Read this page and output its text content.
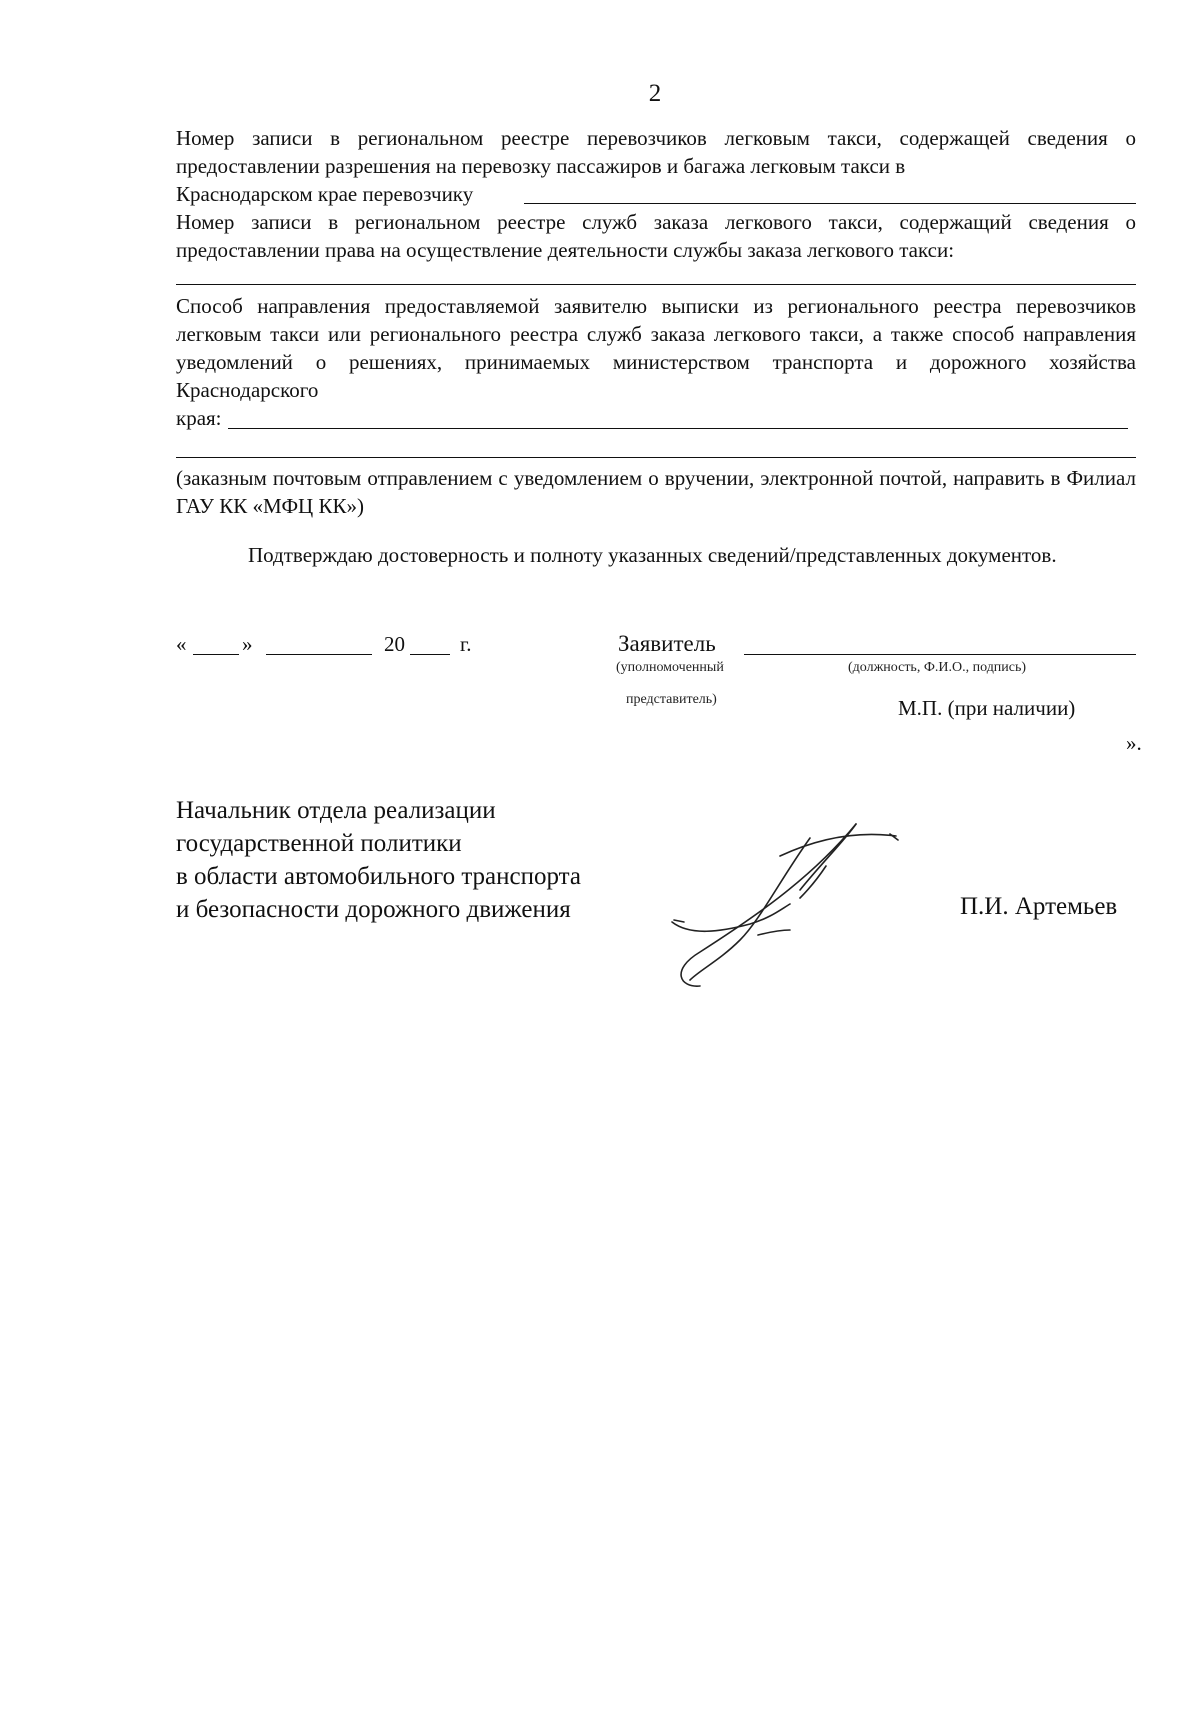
2
Номер записи в региональном реестре перевозчиков легковым такси, содержащей сведения о предоставлении разрешения на перевозку пассажиров и багажа легковым такси в
Краснодарском крае перевозчику
Номер записи в региональном реестре служб заказа легкового такси, содержащий сведения о предоставлении права на осуществление деятельности службы заказа легкового такси:
Способ направления предоставляемой заявителю выписки из регионального реестра перевозчиков легковым такси или регионального реестра служб заказа легкового такси, а также способ направления уведомлений о решениях, принимаемых министерством транспорта и дорожного хозяйства Краснодарского
края:
(заказным почтовым отправлением с уведомлением о вручении, электронной почтой, направить в Филиал ГАУ КК «МФЦ КК»)
Подтверждаю достоверность и полноту указанных сведений/представленных документов.
«	»	20	г.	Заявитель
(уполномоченный
представитель)
(должность, Ф.И.О., подпись)
М.П. (при наличии)
».
Начальник отдела реализации
государственной политики
в области автомобильного транспорта
и безопасности дорожного движения	П.И. Артемьев
